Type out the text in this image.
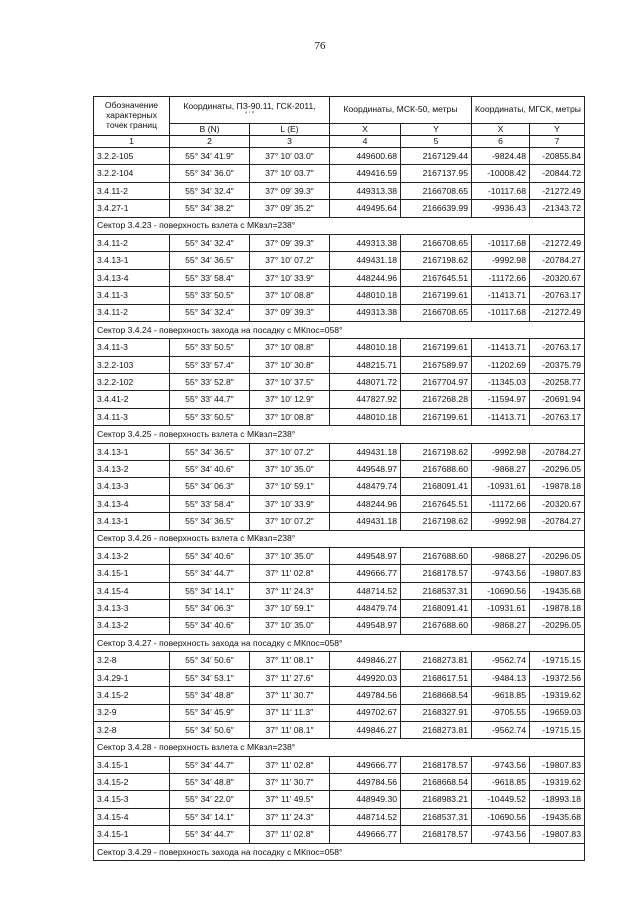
76
Обозначение характерных точек границ	Координаты, ПЗ-90.11, ГСК-2011,
° ′ ″		Координаты, МСК-50, метры		Координаты, МГСК, метры	
	B (N)	L (E)	X	Y	X	Y
1	2	3	4	5	6	7
3.2.2-105	55° 34′ 41.9″	37° 10′ 03.0″	449600.68	2167129.44	-9824.48	-20855.84
3.2.2-104	55° 34′ 36.0″	37° 10′ 03.7″	449416.59	2167137.95	-10008.42	-20844.72
3.4.11-2	55° 34′ 32.4″	37° 09′ 39.3″	449313.38	2166708.65	-10117.68	-21272.49
3.4.27-1	55° 34′ 38.2″	37° 09′ 35.2″	449495.64	2166639.99	-9936.43	-21343.72
Сектор 3.4.23 - поверхность взлета с МКвзл=238°						
3.4.11-2	55° 34′ 32.4″	37° 09′ 39.3″	449313.38	2166708.65	-10117.68	-21272.49
3.4.13-1	55° 34′ 36.5″	37° 10′ 07.2″	449431.18	2167198.62	-9992.98	-20784.27
3.4.13-4	55° 33′ 58.4″	37° 10′ 33.9″	448244.96	2167645.51	-11172.66	-20320.67
3.4.11-3	55° 33′ 50.5″	37° 10′ 08.8″	448010.18	2167199.61	-11413.71	-20763.17
3.4.11-2	55° 34′ 32.4″	37° 09′ 39.3″	449313.38	2166708.65	-10117.68	-21272.49
Сектор 3.4.24 - поверхность захода на посадку с МКпос=058°						
3.4.11-3	55° 33′ 50.5″	37° 10′ 08.8″	448010.18	2167199.61	-11413.71	-20763.17
3.2.2-103	55° 33′ 57.4″	37° 10′ 30.8″	448215.71	2167589.97	-11202.69	-20375.79
3.2.2-102	55° 33′ 52.8″	37° 10′ 37.5″	448071.72	2167704.97	-11345.03	-20258.77
3.4.41-2	55° 33′ 44.7″	37° 10′ 12.9″	447827.92	2167268.28	-11594.97	-20691.94
3.4.11-3	55° 33′ 50.5″	37° 10′ 08.8″	448010.18	2167199.61	-11413.71	-20763.17
Сектор 3.4.25 - поверхность взлета с МКвзл=238°						
3.4.13-1	55° 34′ 36.5″	37° 10′ 07.2″	449431.18	2167198.62	-9992.98	-20784.27
3.4.13-2	55° 34′ 40.6″	37° 10′ 35.0″	449548.97	2167688.60	-9868.27	-20296.05
3.4.13-3	55° 34′ 06.3″	37° 10′ 59.1″	448479.74	2168091.41	-10931.61	-19878.18
3.4.13-4	55° 33′ 58.4″	37° 10′ 33.9″	448244.96	2167645.51	-11172.66	-20320.67
3.4.13-1	55° 34′ 36.5″	37° 10′ 07.2″	449431.18	2167198.62	-9992.98	-20784.27
Сектор 3.4.26 - поверхность взлета с МКвзл=238°						
3.4.13-2	55° 34′ 40.6″	37° 10′ 35.0″	449548.97	2167688.60	-9868.27	-20296.05
3.4.15-1	55° 34′ 44.7″	37° 11′ 02.8″	449666.77	2168178.57	-9743.56	-19807.83
3.4.15-4	55° 34′ 14.1″	37° 11′ 24.3″	448714.52	2168537.31	-10690.56	-19435.68
3.4.13-3	55° 34′ 06.3″	37° 10′ 59.1″	448479.74	2168091.41	-10931.61	-19878.18
3.4.13-2	55° 34′ 40.6″	37° 10′ 35.0″	449548.97	2167688.60	-9868.27	-20296.05
Сектор 3.4.27 - поверхность захода на посадку с МКпос=058°						
3.2-8	55° 34′ 50.6″	37° 11′ 08.1″	449846.27	2168273.81	-9562.74	-19715.15
3.4.29-1	55° 34′ 53.1″	37° 11′ 27.6″	449920.03	2168617.51	-9484.13	-19372.56
3.4.15-2	55° 34′ 48.8″	37° 11′ 30.7″	449784.56	2168668.54	-9618.85	-19319.62
3.2-9	55° 34′ 45.9″	37° 11′ 11.3″	449702.67	2168327.91	-9705.55	-19659.03
3.2-8	55° 34′ 50.6″	37° 11′ 08.1″	449846.27	2168273.81	-9562.74	-19715.15
Сектор 3.4.28 - поверхность взлета с МКвзл=238°						
3.4.15-1	55° 34′ 44.7″	37° 11′ 02.8″	449666.77	2168178.57	-9743.56	-19807.83
3.4.15-2	55° 34′ 48.8″	37° 11′ 30.7″	449784.56	2168668.54	-9618.85	-19319.62
3.4.15-3	55° 34′ 22.0″	37° 11′ 49.5″	448949.30	2168983.21	-10449.52	-18993.18
3.4.15-4	55° 34′ 14.1″	37° 11′ 24.3″	448714.52	2168537.31	-10690.56	-19435.68
3.4.15-1	55° 34′ 44.7″	37° 11′ 02.8″	449666.77	2168178.57	-9743.56	-19807.83
Сектор 3.4.29 - поверхность захода на посадку с МКпос=058°						
